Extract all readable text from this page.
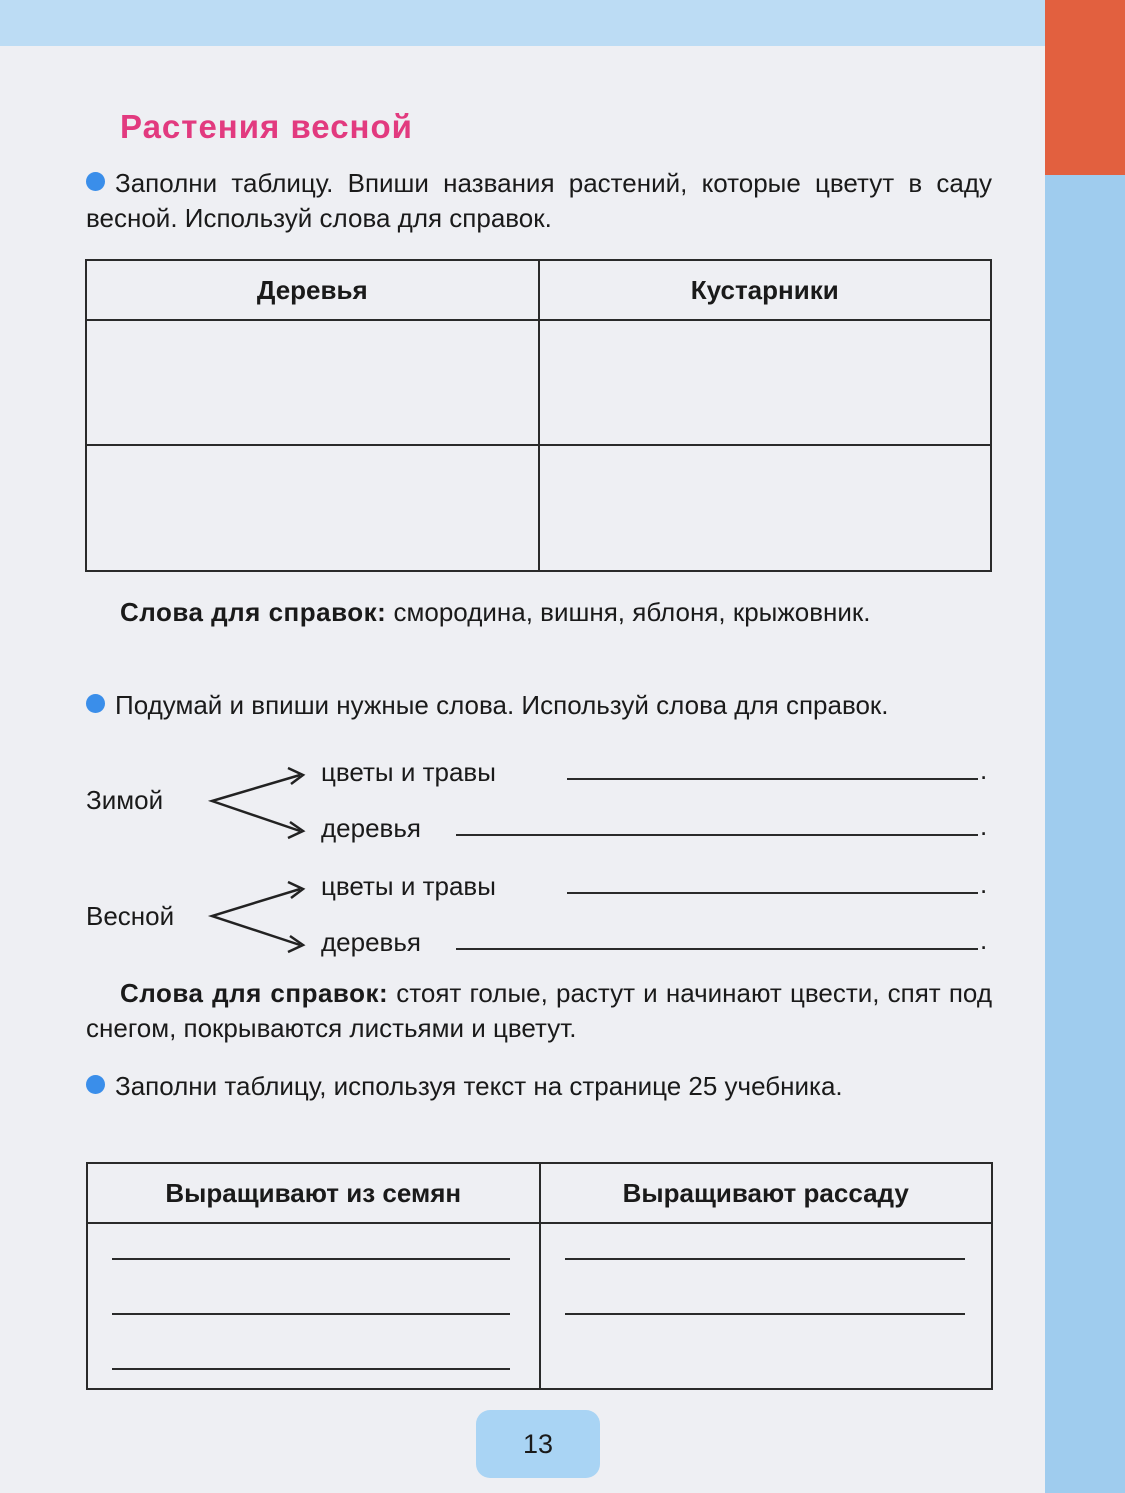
Растения весной
Заполни таблицу. Впиши названия растений, которые цветут в саду весной. Используй слова для справок.
Деревья	Кустарники

Слова для справок: смородина, вишня, яблоня, крыжовник.
Подумай и впиши нужные слова. Используй слова для справок.
Зимой
цветы и травы	.
деревья	.
Весной
цветы и травы	.
деревья	.
Слова для справок: стоят голые, растут и начинают цвести, спят под снегом, покрываются листьями и цветут.
Заполни таблицу, используя текст на странице 25 учебника.
Выращивают из семян	Выращивают рассаду

13
